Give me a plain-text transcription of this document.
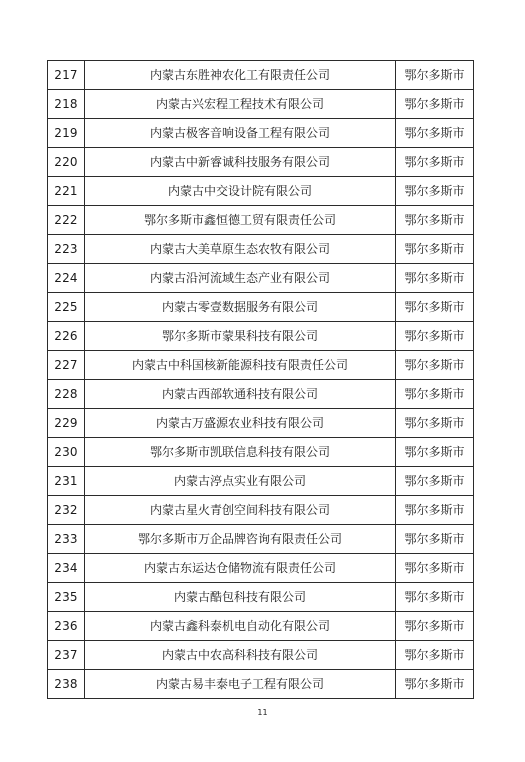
217	内蒙古东胜神农化工有限责任公司	鄂尔多斯市
218	内蒙古兴宏程工程技术有限公司	鄂尔多斯市
219	内蒙古极客音响设备工程有限公司	鄂尔多斯市
220	内蒙古中新睿诚科技服务有限公司	鄂尔多斯市
221	内蒙古中交设计院有限公司	鄂尔多斯市
222	鄂尔多斯市鑫恒德工贸有限责任公司	鄂尔多斯市
223	内蒙古大美草原生态农牧有限公司	鄂尔多斯市
224	内蒙古沿河流域生态产业有限公司	鄂尔多斯市
225	内蒙古零壹数据服务有限公司	鄂尔多斯市
226	鄂尔多斯市蒙果科技有限公司	鄂尔多斯市
227	内蒙古中科国核新能源科技有限责任公司	鄂尔多斯市
228	内蒙古西部软通科技有限公司	鄂尔多斯市
229	内蒙古万盛源农业科技有限公司	鄂尔多斯市
230	鄂尔多斯市凯联信息科技有限公司	鄂尔多斯市
231	内蒙古渟点实业有限公司	鄂尔多斯市
232	内蒙古星火青创空间科技有限公司	鄂尔多斯市
233	鄂尔多斯市万企品牌咨询有限责任公司	鄂尔多斯市
234	内蒙古东运达仓储物流有限责任公司	鄂尔多斯市
235	内蒙古酷包科技有限公司	鄂尔多斯市
236	内蒙古鑫科泰机电自动化有限公司	鄂尔多斯市
237	内蒙古中农高科科技有限公司	鄂尔多斯市
238	内蒙古易丰泰电子工程有限公司	鄂尔多斯市
11
